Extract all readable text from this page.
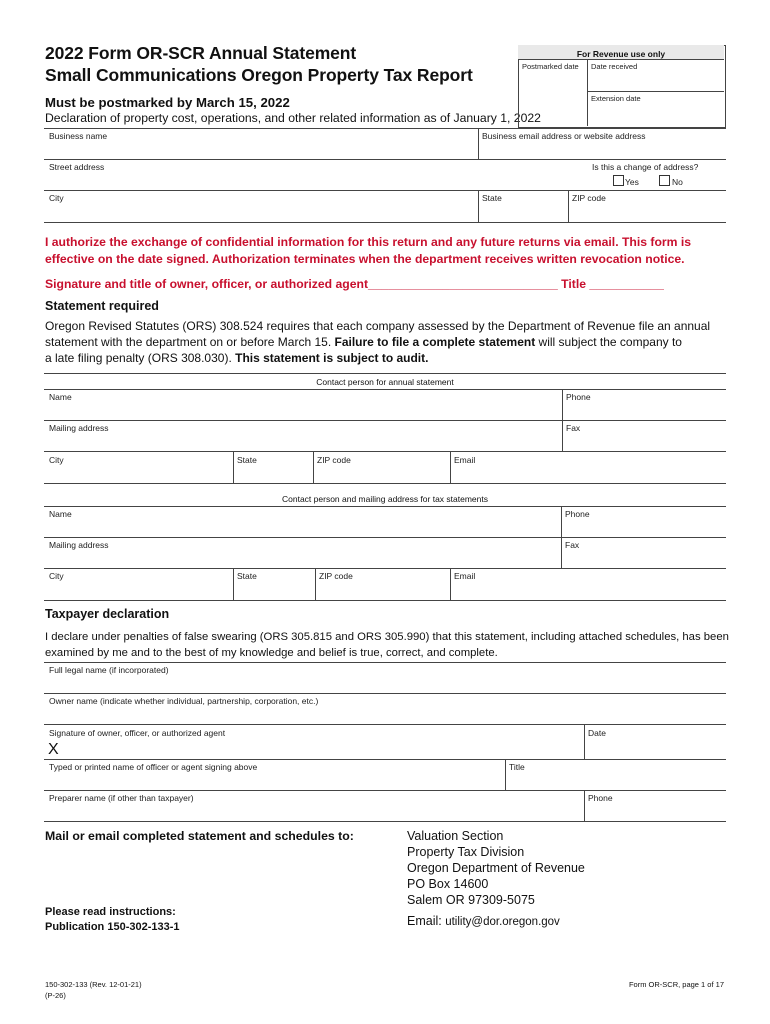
2022 Form OR-SCR Annual Statement
Small Communications Oregon Property Tax Report
Must be postmarked by March 15, 2022
Declaration of property cost, operations, and other related information as of January 1, 2022
For Revenue use only
Postmarked date Date received
Extension date
Business name	Business email address or website address
Street address	Is this a change of address?
Yes	No
City	State	ZIP code
I authorize the exchange of confidential information for this return and any future returns via email. This form is
effective on the date signed. Authorization terminates when the department receives written revocation notice.
Signature and title of owner, officer, or authorized agent____________________________ Title ___________
Statement required
Oregon Revised Statutes (ORS) 308.524 requires that each company assessed by the Department of Revenue file an annual
statement with the department on or before March 15. Failure to file a complete statement will subject the company to
a late filing penalty (ORS 308.030). This statement is subject to audit.
Contact person for annual statement
Name	Phone
Mailing address	Fax
City	State	ZIP code	Email
Contact person and mailing address for tax statements
Name	Phone
Mailing address	Fax
City	State	ZIP code	Email
Taxpayer declaration
I declare under penalties of false swearing (ORS 305.815 and ORS 305.990) that this statement, including attached schedules, has been
examined by me and to the best of my knowledge and belief is true, correct, and complete.
Full legal name (if incorporated)
Owner name (indicate whether individual, partnership, corporation, etc.)
Signature of owner, officer, or authorized agent	Date
X
Typed or printed name of officer or agent signing above	Title
Preparer name (if other than taxpayer)	Phone
Mail or email completed statement and schedules to:	Valuation Section
Property Tax Division
Oregon Department of Revenue
PO Box 14600
Salem OR 97309-5075
Email: utility@dor.oregon.gov
Please read instructions:
Publication 150-302-133-1
150-302-133 (Rev. 12-01-21)
(P-26)
Form OR-SCR, page 1 of 17
